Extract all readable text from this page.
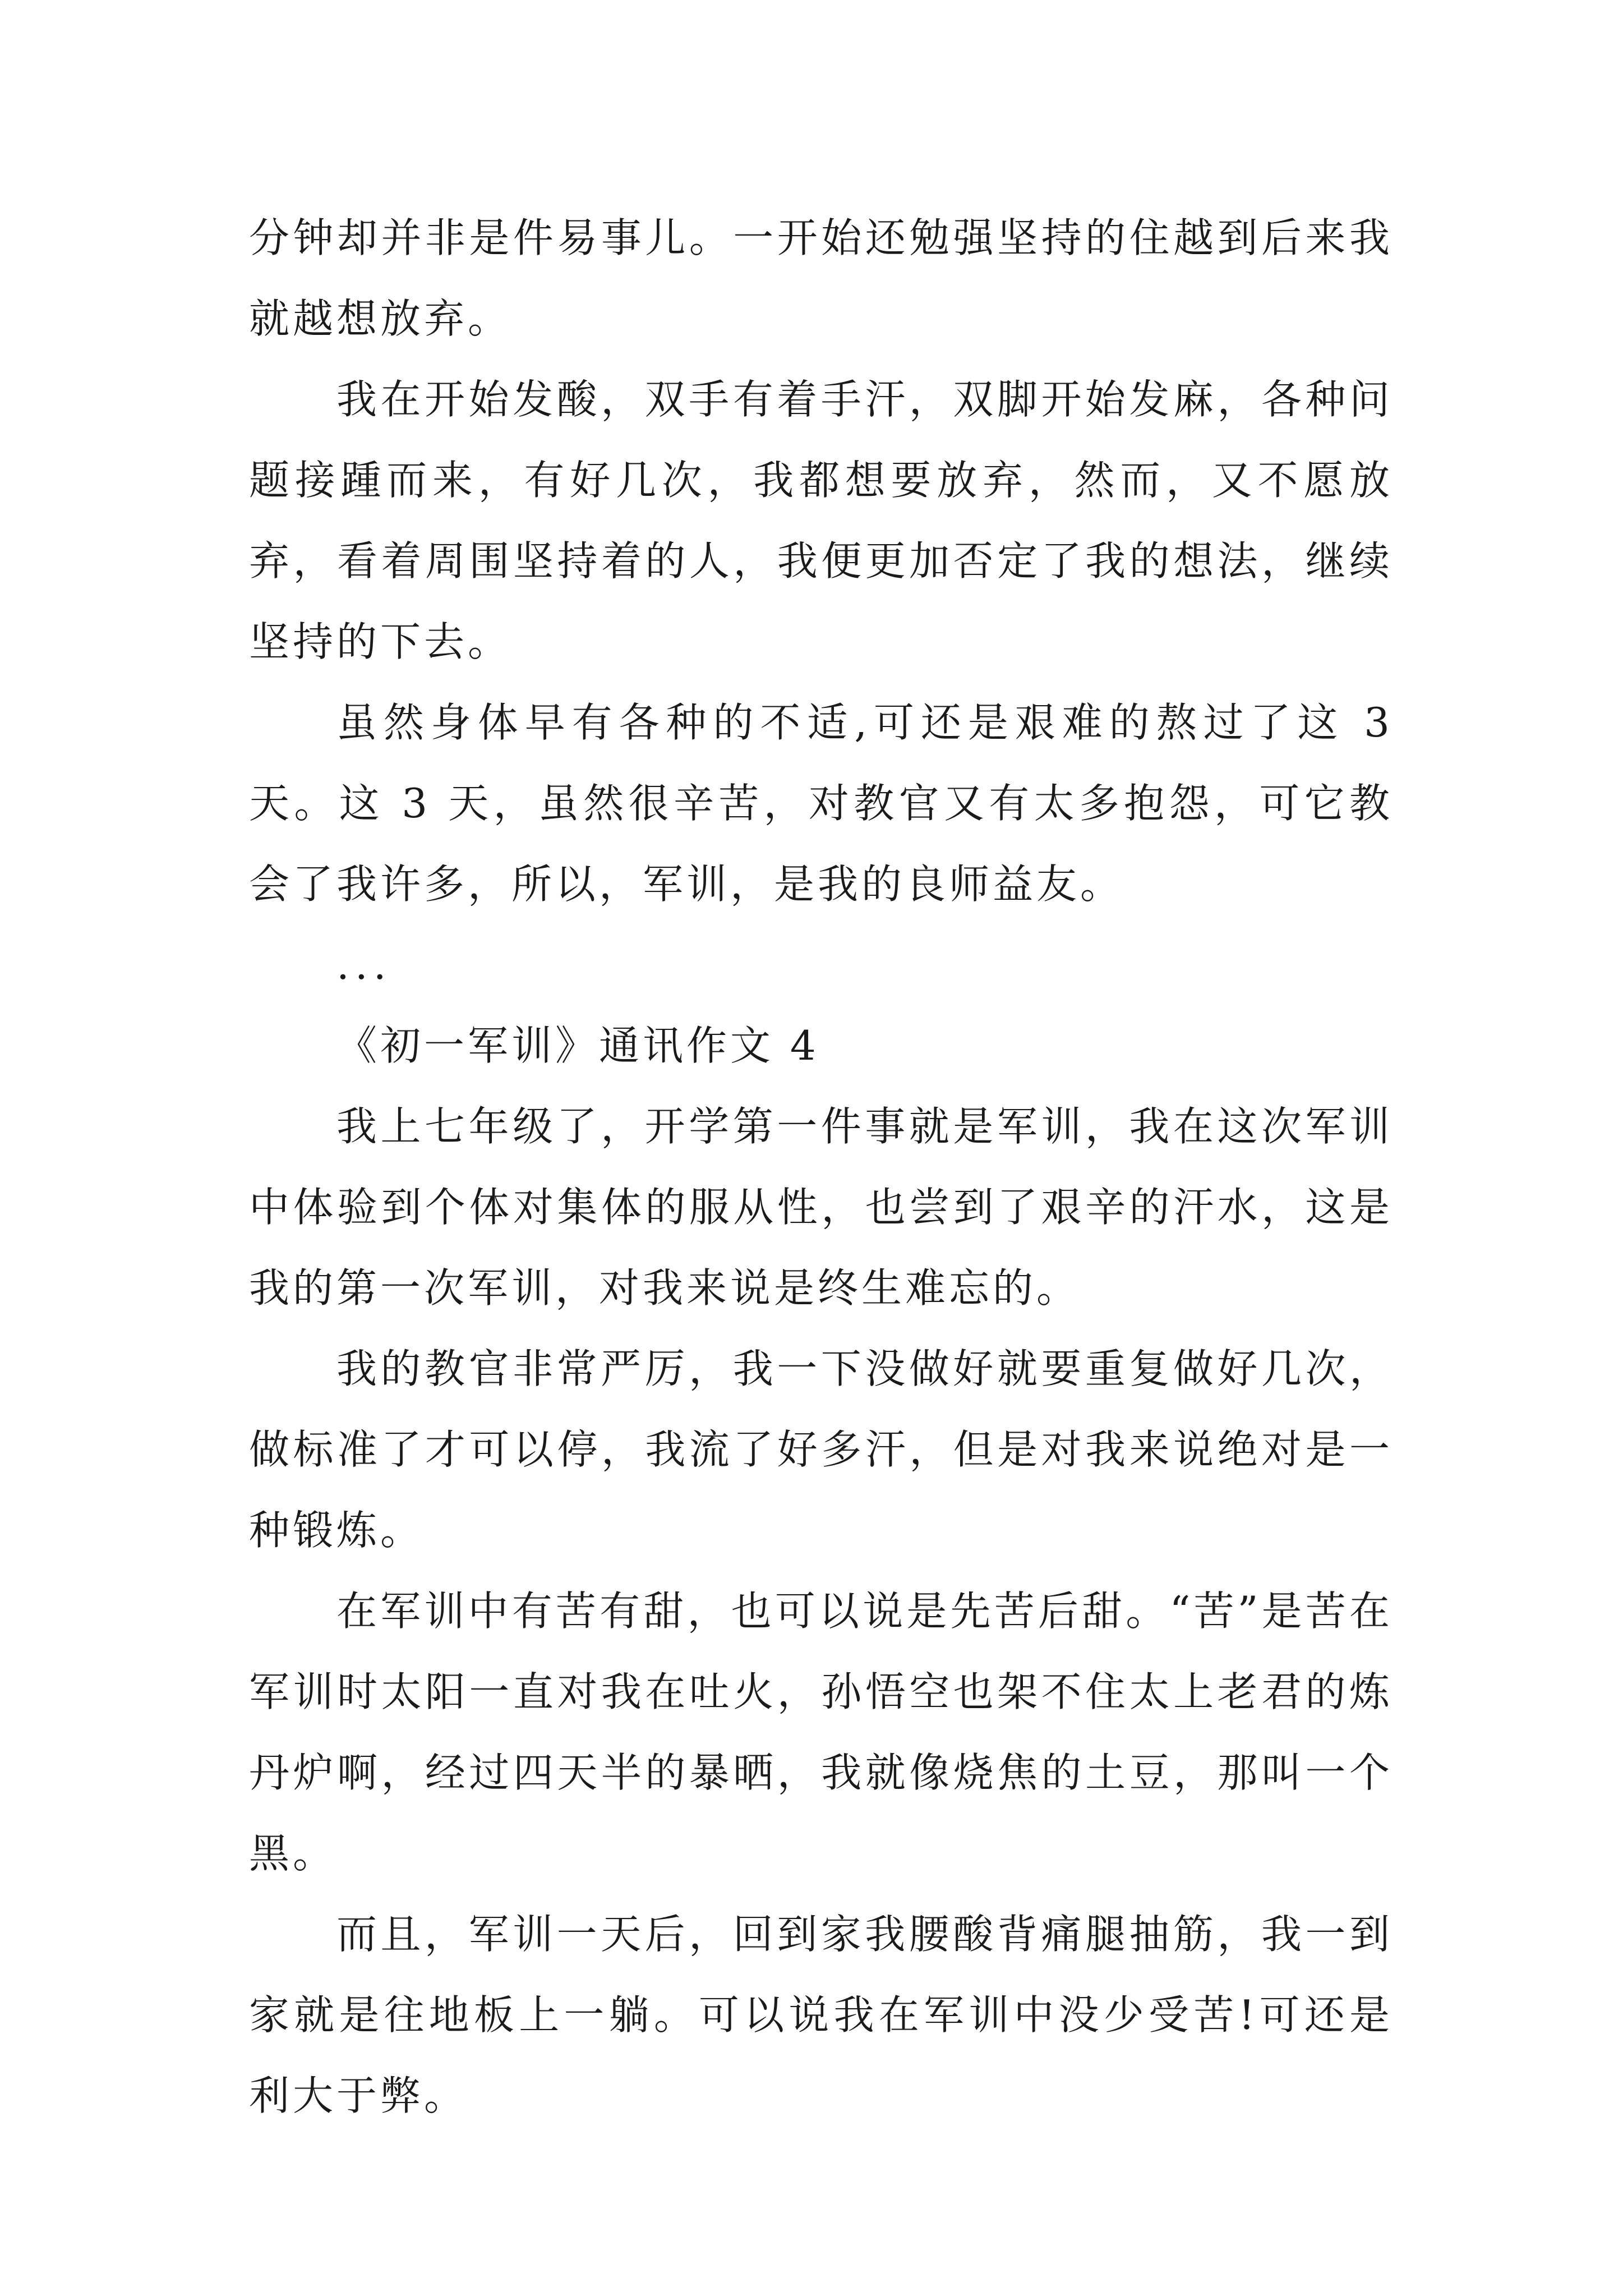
分钟却并非是件易事儿。一开始还勉强坚持的住越到后来我就越想放弃。

我在开始发酸，双手有着手汗，双脚开始发麻，各种问题接踵而来，有好几次，我都想要放弃，然而，又不愿放弃，看着周围坚持着的人，我便更加否定了我的想法，继续坚持的下去。

虽然身体早有各种的不适,可还是艰难的熬过了这 3 天。这 3 天，虽然很辛苦，对教官又有太多抱怨，可它教会了我许多，所以，军训，是我的良师益友。

...

《初一军训》通讯作文 4

我上七年级了，开学第一件事就是军训，我在这次军训中体验到个体对集体的服从性，也尝到了艰辛的汗水，这是我的第一次军训，对我来说是终生难忘的。

我的教官非常严厉，我一下没做好就要重复做好几次，做标准了才可以停，我流了好多汗，但是对我来说绝对是一种锻炼。

在军训中有苦有甜，也可以说是先苦后甜。“苦”是苦在军训时太阳一直对我在吐火，孙悟空也架不住太上老君的炼丹炉啊，经过四天半的暴晒，我就像烧焦的土豆，那叫一个黑。

而且，军训一天后，回到家我腰酸背痛腿抽筋，我一到家就是往地板上一躺。可以说我在军训中没少受苦!可还是利大于弊。
